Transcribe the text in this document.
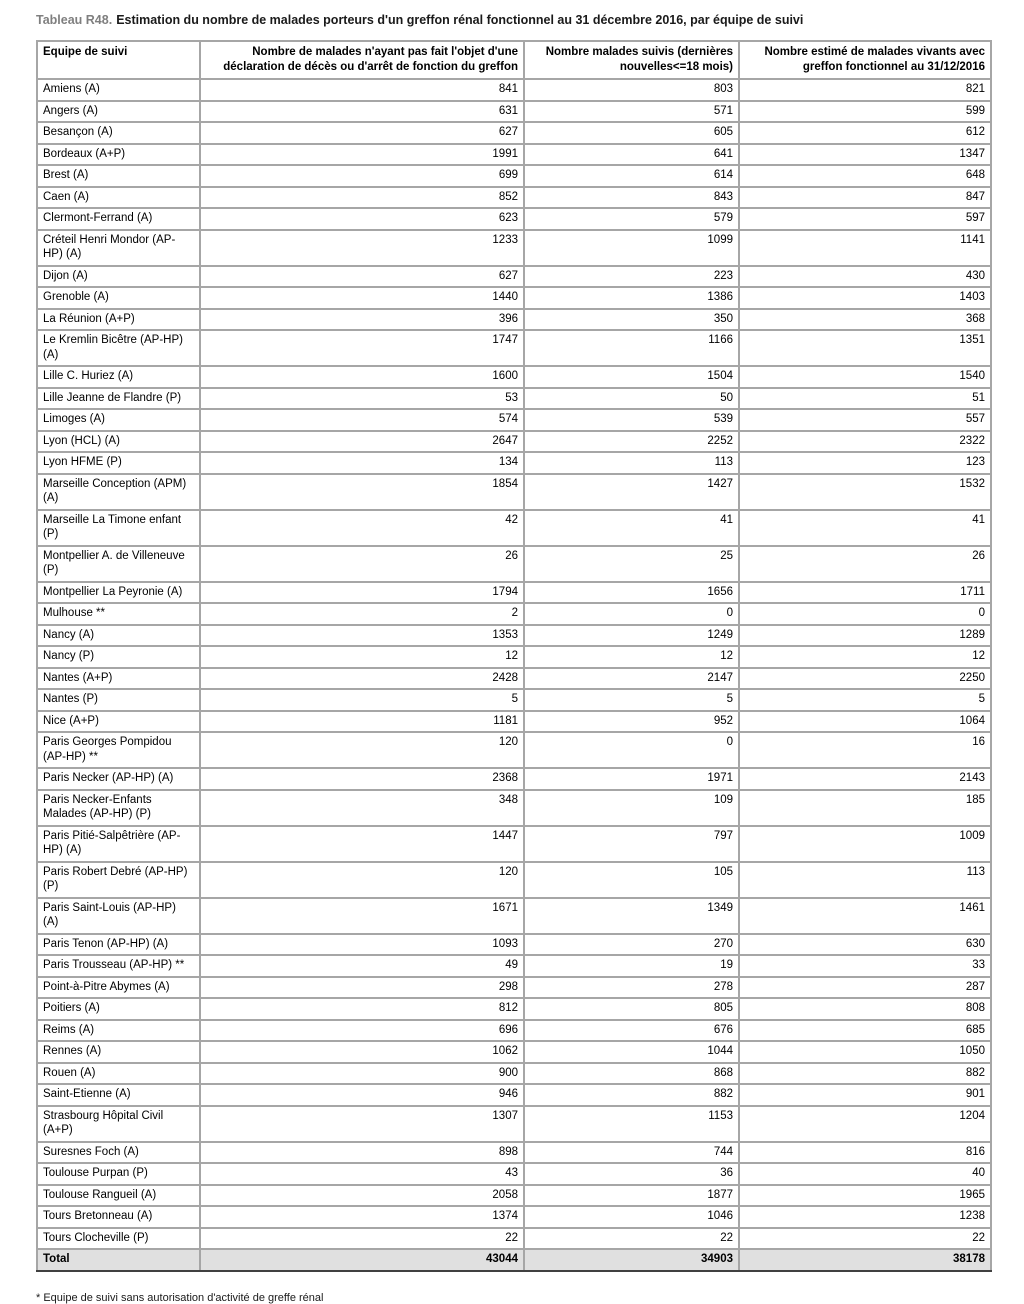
Tableau R48. Estimation du nombre de malades porteurs d'un greffon rénal fonctionnel au 31 décembre 2016, par équipe de suivi
Equipe de suivi	Nombre de malades n'ayant pas fait l'objet d'une déclaration de décès ou d'arrêt de fonction du greffon	Nombre malades suivis (dernières nouvelles<=18 mois)	Nombre estimé de malades vivants avec greffon fonctionnel au 31/12/2016
Amiens (A)	841	803	821
Angers (A)	631	571	599
Besançon (A)	627	605	612
Bordeaux (A+P)	1991	641	1347
Brest (A)	699	614	648
Caen (A)	852	843	847
Clermont-Ferrand (A)	623	579	597
Créteil Henri Mondor (AP-HP) (A)	1233	1099	1141
Dijon (A)	627	223	430
Grenoble (A)	1440	1386	1403
La Réunion (A+P)	396	350	368
Le Kremlin Bicêtre (AP-HP) (A)	1747	1166	1351
Lille C. Huriez (A)	1600	1504	1540
Lille Jeanne de Flandre (P)	53	50	51
Limoges (A)	574	539	557
Lyon (HCL) (A)	2647	2252	2322
Lyon HFME (P)	134	113	123
Marseille Conception (APM) (A)	1854	1427	1532
Marseille La Timone enfant (P)	42	41	41
Montpellier A. de Villeneuve (P)	26	25	26
Montpellier La Peyronie (A)	1794	1656	1711
Mulhouse **	2	0	0
Nancy (A)	1353	1249	1289
Nancy (P)	12	12	12
Nantes (A+P)	2428	2147	2250
Nantes (P)	5	5	5
Nice (A+P)	1181	952	1064
Paris Georges Pompidou (AP-HP) **	120	0	16
Paris Necker (AP-HP) (A)	2368	1971	2143
Paris Necker-Enfants Malades (AP-HP) (P)	348	109	185
Paris Pitié-Salpêtrière (AP-HP) (A)	1447	797	1009
Paris Robert Debré (AP-HP) (P)	120	105	113
Paris Saint-Louis (AP-HP) (A)	1671	1349	1461
Paris Tenon (AP-HP) (A)	1093	270	630
Paris Trousseau (AP-HP) **	49	19	33
Point-à-Pitre Abymes (A)	298	278	287
Poitiers (A)	812	805	808
Reims (A)	696	676	685
Rennes (A)	1062	1044	1050
Rouen (A)	900	868	882
Saint-Etienne (A)	946	882	901
Strasbourg Hôpital Civil (A+P)	1307	1153	1204
Suresnes Foch (A)	898	744	816
Toulouse Purpan (P)	43	36	40
Toulouse Rangueil (A)	2058	1877	1965
Tours Bretonneau (A)	1374	1046	1238
Tours Clocheville (P)	22	22	22
Total	43044	34903	38178
* Equipe de suivi sans autorisation d'activité de greffe rénal
